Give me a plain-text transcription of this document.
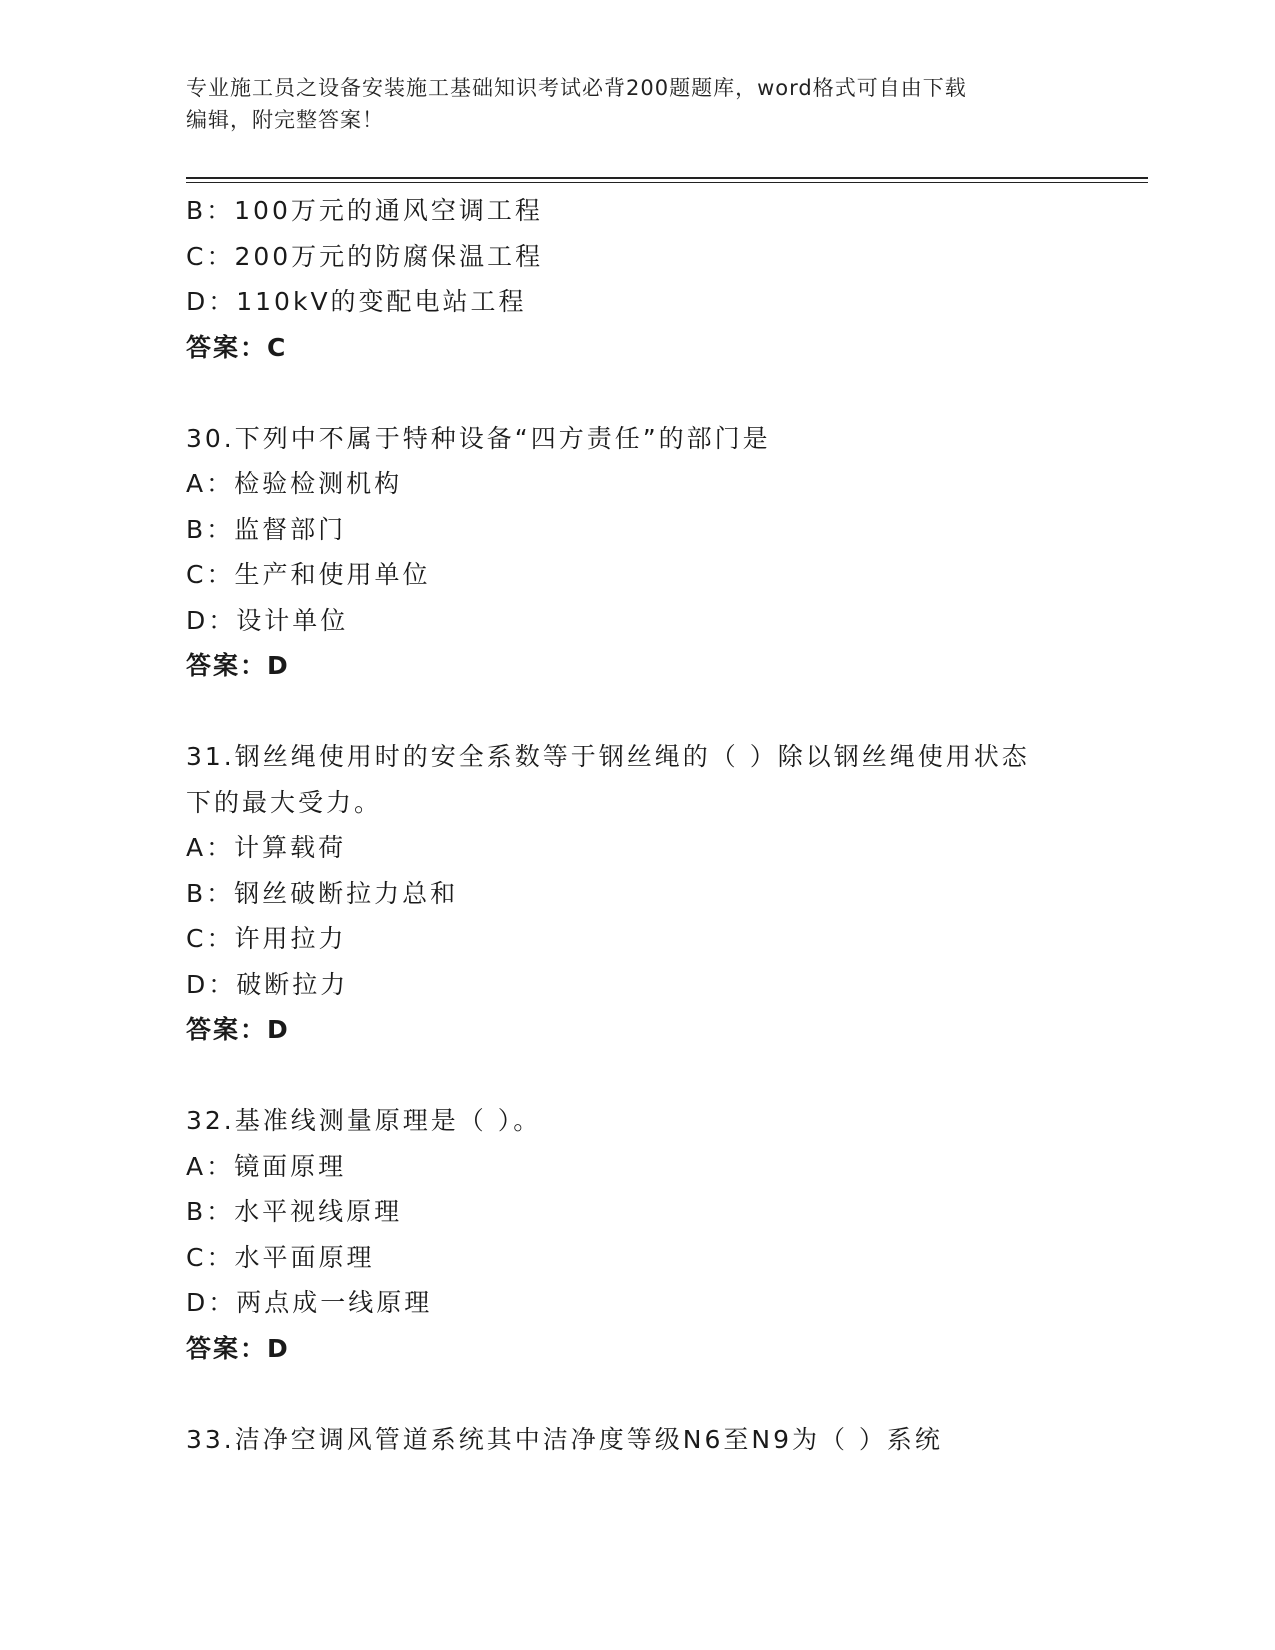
专业施工员之设备安装施工基础知识考试必背200题题库，word格式可自由下载
编辑，附完整答案！
B：100万元的通风空调工程
C：200万元的防腐保温工程
D：110kV的变配电站工程
答案：C
30.下列中不属于特种设备“四方责任”的部门是
A：检验检测机构
B：监督部门
C：生产和使用单位
D：设计单位
答案：D
31.钢丝绳使用时的安全系数等于钢丝绳的（ ）除以钢丝绳使用状态
下的最大受力。
A：计算载荷
B：钢丝破断拉力总和
C：许用拉力
D：破断拉力
答案：D
32.基准线测量原理是（ ）。
A：镜面原理
B：水平视线原理
C：水平面原理
D：两点成一线原理
答案：D
33.洁净空调风管道系统其中洁净度等级N6至N9为（ ）系统
